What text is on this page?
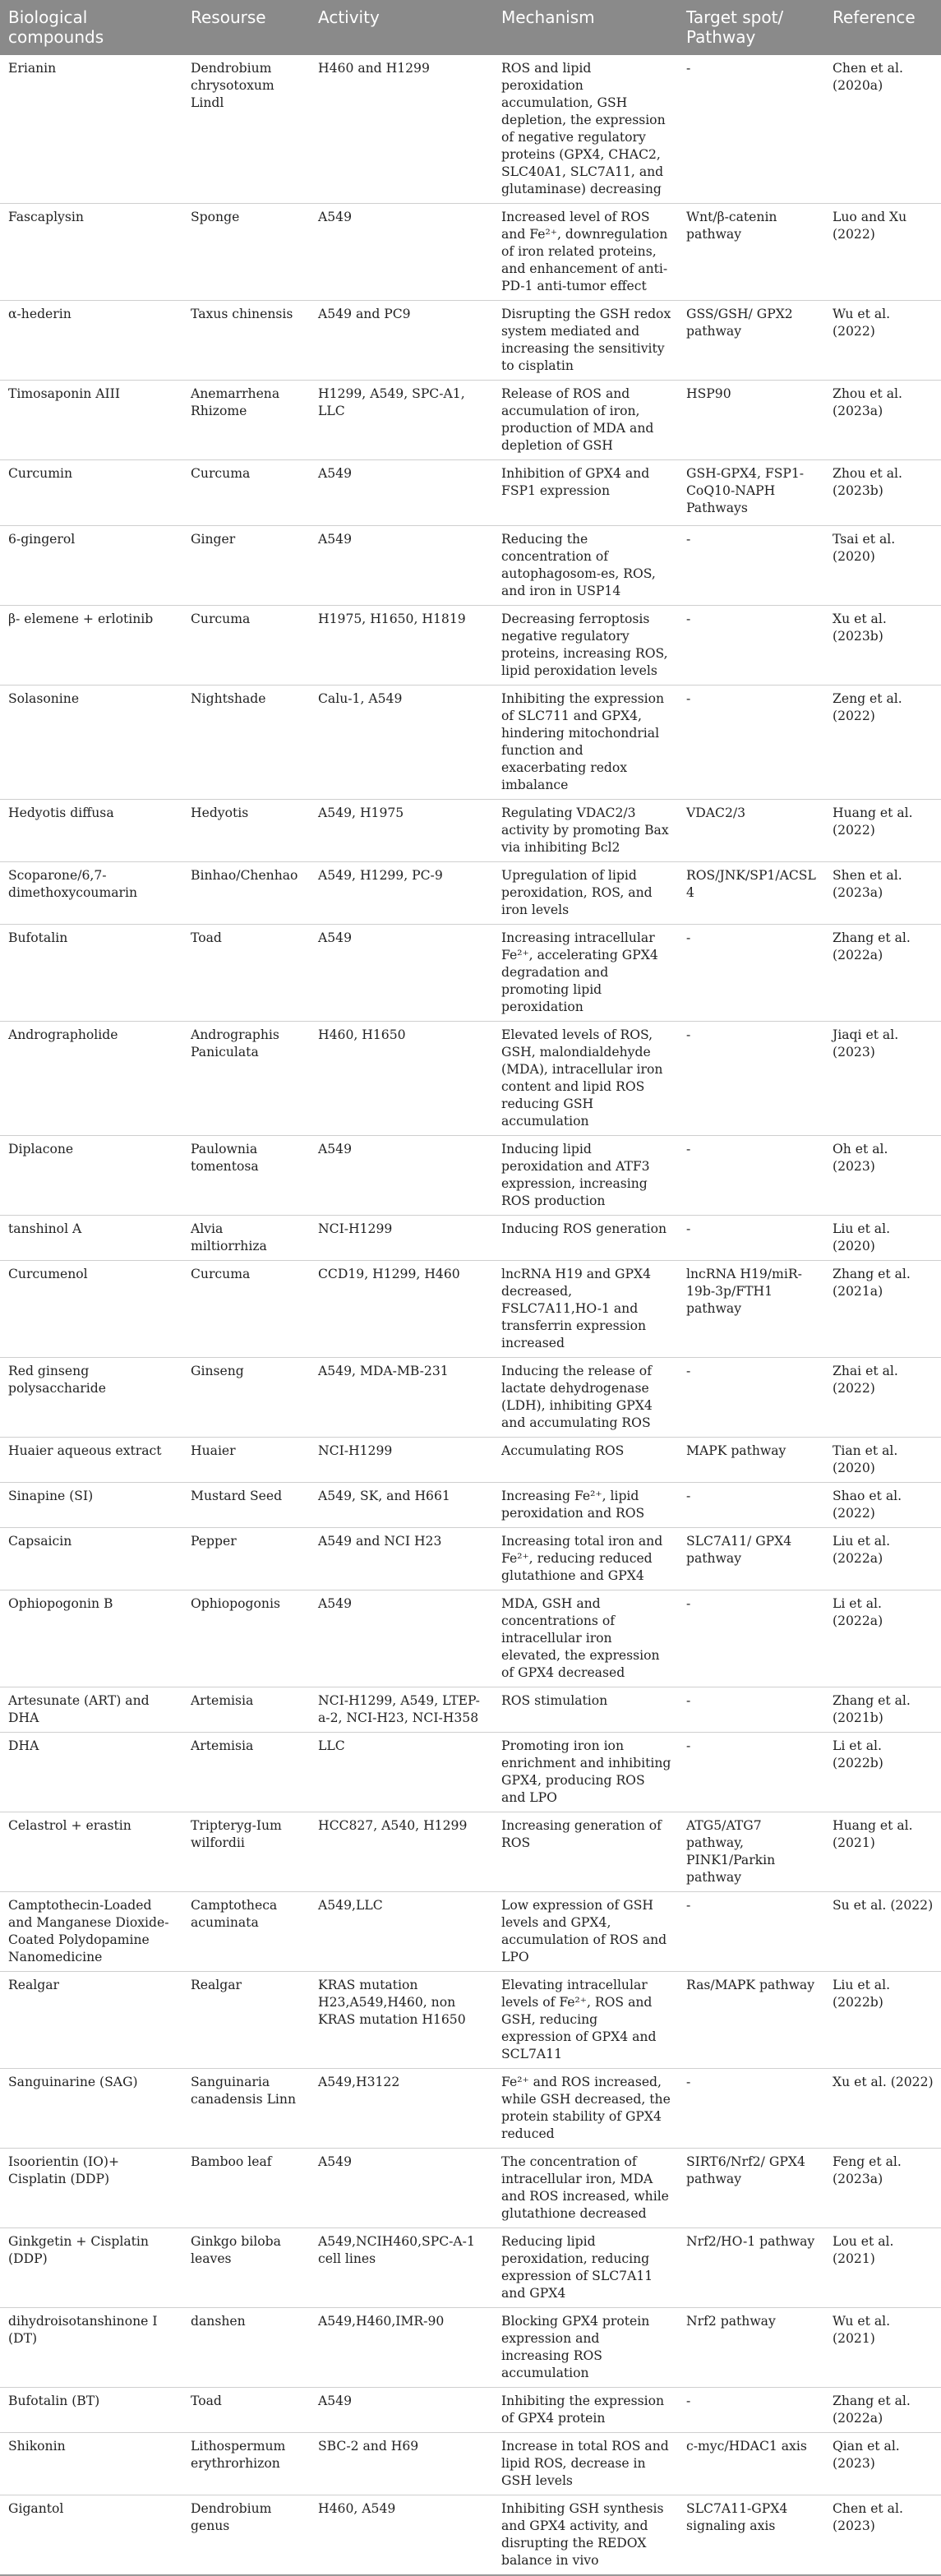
Biological compounds	Resourse	Activity	Mechanism	Target spot/ Pathway	Reference
Erianin	Dendrobium chrysotoxum Lindl	H460 and H1299	ROS and lipid peroxidation accumulation, GSH depletion, the expression of negative regulatory proteins (GPX4, CHAC2, SLC40A1, SLC7A11, and glutaminase) decreasing	-	Chen et al. (2020a)
Fascaplysin	Sponge	A549	Increased level of ROS and Fe²⁺, downregulation of iron related proteins, and enhancement of anti-PD-1 anti-tumor effect	Wnt/β-catenin pathway	Luo and Xu (2022)
α-hederin	Taxus chinensis	A549 and PC9	Disrupting the GSH redox system mediated and increasing the sensitivity to cisplatin	GSS/GSH/ GPX2 pathway	Wu et al. (2022)
Timosaponin AIII	Anemarrhena Rhizome	H1299, A549, SPC-A1, LLC	Release of ROS and accumulation of iron, production of MDA and depletion of GSH	HSP90	Zhou et al. (2023a)
Curcumin	Curcuma	A549	Inhibition of GPX4 and FSP1 expression	GSH-GPX4, FSP1-CoQ10-NAPH Pathways	Zhou et al. (2023b)
6-gingerol	Ginger	A549	Reducing the concentration of autophagosom-es, ROS, and iron in USP14	-	Tsai et al. (2020)
β- elemene + erlotinib	Curcuma	H1975, H1650, H1819	Decreasing ferroptosis negative regulatory proteins, increasing ROS, lipid peroxidation levels	-	Xu et al. (2023b)
Solasonine	Nightshade	Calu-1, A549	Inhibiting the expression of SLC711 and GPX4, hindering mitochondrial function and exacerbating redox imbalance	-	Zeng et al. (2022)
Hedyotis diffusa	Hedyotis	A549, H1975	Regulating VDAC2/3 activity by promoting Bax via inhibiting Bcl2	VDAC2/3	Huang et al. (2022)
Scoparone/6,7-dimethoxycoumarin	Binhao/Chenhao	A549, H1299, PC-9	Upregulation of lipid peroxidation, ROS, and iron levels	ROS/JNK/SP1/ACSL4	Shen et al. (2023a)
Bufotalin	Toad	A549	Increasing intracellular Fe²⁺, accelerating GPX4 degradation and promoting lipid peroxidation	-	Zhang et al. (2022a)
Andrographolide	Andrographis Paniculata	H460, H1650	Elevated levels of ROS, GSH, malondialdehyde (MDA), intracellular iron content and lipid ROS reducing GSH accumulation	-	Jiaqi et al. (2023)
Diplacone	Paulownia tomentosa	A549	Inducing lipid peroxidation and ATF3 expression, increasing ROS production	-	Oh et al. (2023)
tanshinol A	Alvia miltiorrhiza	NCI-H1299	Inducing ROS generation	-	Liu et al. (2020)
Curcumenol	Curcuma	CCD19, H1299, H460	lncRNA H19 and GPX4 decreased, FSLC7A11,HO-1 and transferrin expression increased	lncRNA H19/miR-19b-3p/FTH1 pathway	Zhang et al. (2021a)
Red ginseng polysaccharide	Ginseng	A549, MDA-MB-231	Inducing the release of lactate dehydrogenase (LDH), inhibiting GPX4 and accumulating ROS	-	Zhai et al. (2022)
Huaier aqueous extract	Huaier	NCI-H1299	Accumulating ROS	MAPK pathway	Tian et al. (2020)
Sinapine (SI)	Mustard Seed	A549, SK, and H661	Increasing Fe²⁺, lipid peroxidation and ROS	-	Shao et al. (2022)
Capsaicin	Pepper	A549 and NCI H23	Increasing total iron and Fe²⁺, reducing reduced glutathione and GPX4	SLC7A11/ GPX4 pathway	Liu et al. (2022a)
Ophiopogonin B	Ophiopogonis	A549	MDA, GSH and concentrations of intracellular iron elevated, the expression of GPX4 decreased	-	Li et al. (2022a)
Artesunate (ART) and DHA	Artemisia	NCI-H1299, A549, LTEP-a-2, NCI-H23, NCI-H358	ROS stimulation	-	Zhang et al. (2021b)
DHA	Artemisia	LLC	Promoting iron ion enrichment and inhibiting GPX4, producing ROS and LPO	-	Li et al. (2022b)
Celastrol + erastin	Tripteryg-Ium wilfordii	HCC827, A540, H1299	Increasing generation of ROS	ATG5/ATG7 pathway, PINK1/Parkin pathway	Huang et al. (2021)
Camptothecin-Loaded and Manganese Dioxide-Coated Polydopamine Nanomedicine	Camptotheca acuminata	A549,LLC	Low expression of GSH levels and GPX4, accumulation of ROS and LPO	-	Su et al. (2022)
Realgar	Realgar	KRAS mutation H23,A549,H460, non KRAS mutation H1650	Elevating intracellular levels of Fe²⁺, ROS and GSH, reducing expression of GPX4 and SCL7A11	Ras/MAPK pathway	Liu et al. (2022b)
Sanguinarine (SAG)	Sanguinaria canadensis Linn	A549,H3122	Fe²⁺ and ROS increased, while GSH decreased, the protein stability of GPX4 reduced	-	Xu et al. (2022)
Isoorientin (IO)+ Cisplatin (DDP)	Bamboo leaf	A549	The concentration of intracellular iron, MDA and ROS increased, while glutathione decreased	SIRT6/Nrf2/ GPX4 pathway	Feng et al. (2023a)
Ginkgetin + Cisplatin (DDP)	Ginkgo biloba leaves	A549,NCIH460,SPC-A-1 cell lines	Reducing lipid peroxidation, reducing expression of SLC7A11 and GPX4	Nrf2/HO-1 pathway	Lou et al. (2021)
dihydroisotanshinone I (DT)	danshen	A549,H460,IMR-90	Blocking GPX4 protein expression and increasing ROS accumulation	Nrf2 pathway	Wu et al. (2021)
Bufotalin (BT)	Toad	A549	Inhibiting the expression of GPX4 protein	-	Zhang et al. (2022a)
Shikonin	Lithospermum erythrorhizon	SBC-2 and H69	Increase in total ROS and lipid ROS, decrease in GSH levels	c-myc/HDAC1 axis	Qian et al. (2023)
Gigantol	Dendrobium genus	H460, A549	Inhibiting GSH synthesis and GPX4 activity, and disrupting the REDOX balance in vivo	SLC7A11-GPX4 signaling axis	Chen et al. (2023)
